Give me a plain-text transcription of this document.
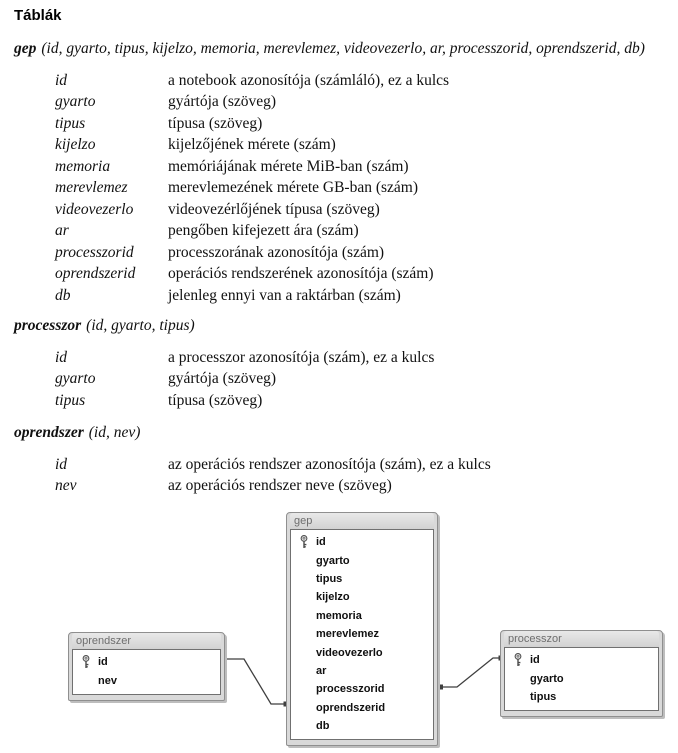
Táblák

gep (id, gyarto, tipus, kijelzo, memoria, merevlemez, videovezerlo, ar, processzorid, oprendszerid, db)

id	a notebook azonosítója (számláló), ez a kulcs
gyarto	gyártója (szöveg)
tipus	típusa (szöveg)
kijelzo	kijelzőjének mérete (szám)
memoria	memóriájának mérete MiB-ban (szám)
merevlemez	merevlemezének mérete GB-ban (szám)
videovezerlo	videovezérlőjének típusa (szöveg)
ar	pengőben kifejezett ára (szám)
processzorid	processzorának azonosítója (szám)
oprendszerid	operációs rendszerének azonosítója (szám)
db	jelenleg ennyi van a raktárban (szám)

processzor (id, gyarto, tipus)

id	a processzor azonosítója (szám), ez a kulcs
gyarto	gyártója (szöveg)
tipus	típusa (szöveg)

oprendszer (id, nev)

id	az operációs rendszer azonosítója (szám), ez a kulcs
nev	az operációs rendszer neve (szöveg)
gep
id
gyarto
tipus
kijelzo
memoria
merevlemez
videovezerlo
ar
processzorid
oprendszerid
db
oprendszer
id
nev
processzor
id
gyarto
tipus
